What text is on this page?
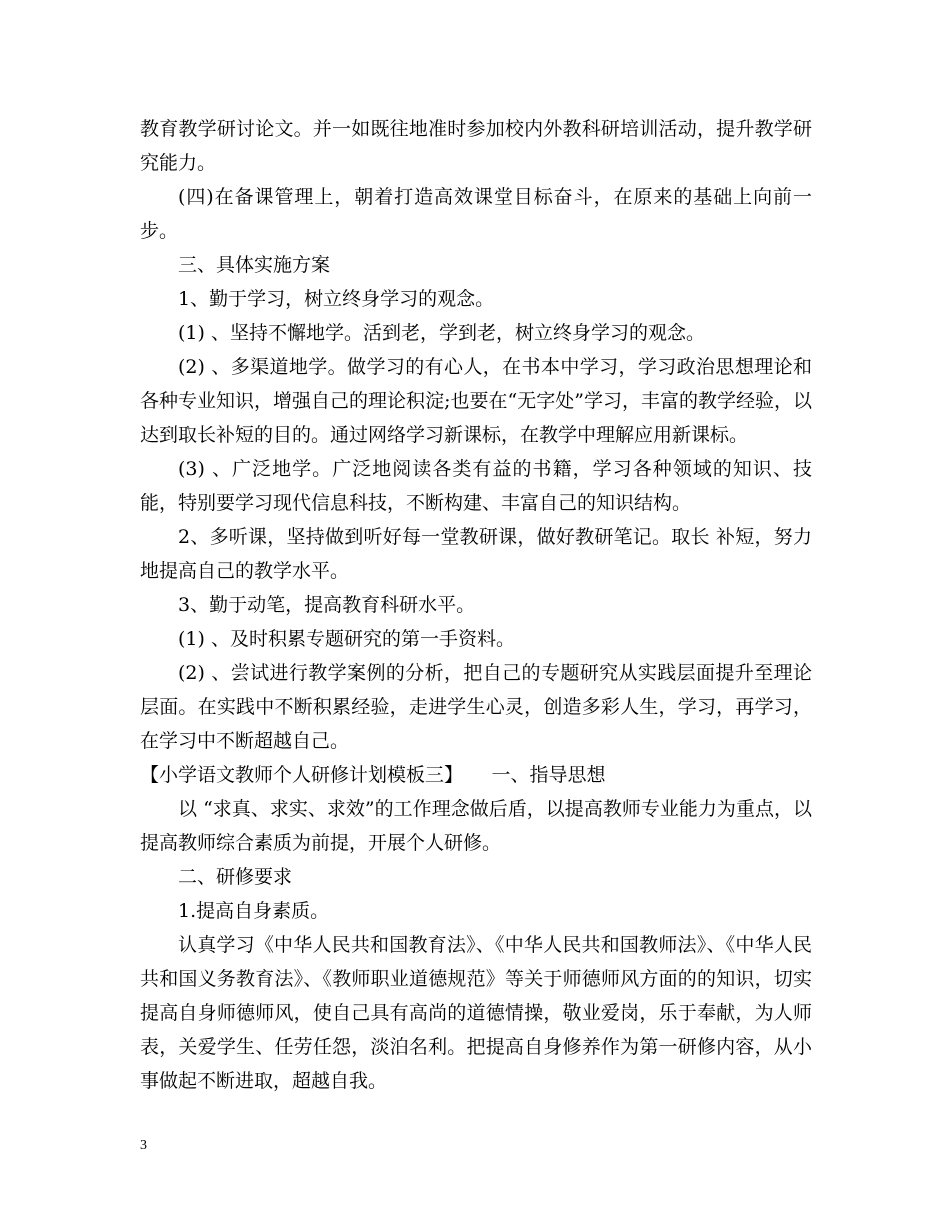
教育教学研讨论文。并一如既往地准时参加校内外教科研培训活动，提升教学研究能力。

(四)在备课管理上，朝着打造高效课堂目标奋斗，在原来的基础上向前一步。

三、具体实施方案

1、勤于学习，树立终身学习的观念。

(1) 、坚持不懈地学。活到老，学到老，树立终身学习的观念。

(2) 、多渠道地学。做学习的有心人，在书本中学习，学习政治思想理论和各种专业知识，增强自己的理论积淀;也要在“无字处”学习，丰富的教学经验，以达到取长补短的目的。通过网络学习新课标，在教学中理解应用新课标。

(3) 、广泛地学。广泛地阅读各类有益的书籍，学习各种领域的知识、技能，特别要学习现代信息科技，不断构建、丰富自己的知识结构。

2、多听课，坚持做到听好每一堂教研课，做好教研笔记。取长 补短，努力地提高自己的教学水平。

3、勤于动笔，提高教育科研水平。

(1) 、及时积累专题研究的第一手资料。

(2) 、尝试进行教学案例的分析，把自己的专题研究从实践层面提升至理论层面。在实践中不断积累经验，走进学生心灵，创造多彩人生，学习，再学习，在学习中不断超越自己。

【小学语文教师个人研修计划模板三】　　一、指导思想

以 “求真、求实、求效”的工作理念做后盾，以提高教师专业能力为重点，以提高教师综合素质为前提，开展个人研修。

二、研修要求

1.提高自身素质。

认真学习《中华人民共和国教育法》、《中华人民共和国教师法》、《中华人民共和国义务教育法》、《教师职业道德规范》等关于师德师风方面的的知识，切实提高自身师德师风，使自己具有高尚的道德情操，敬业爱岗，乐于奉献，为人师表，关爱学生、任劳任怨，淡泊名利。把提高自身修养作为第一研修内容，从小事做起不断进取，超越自我。

3
